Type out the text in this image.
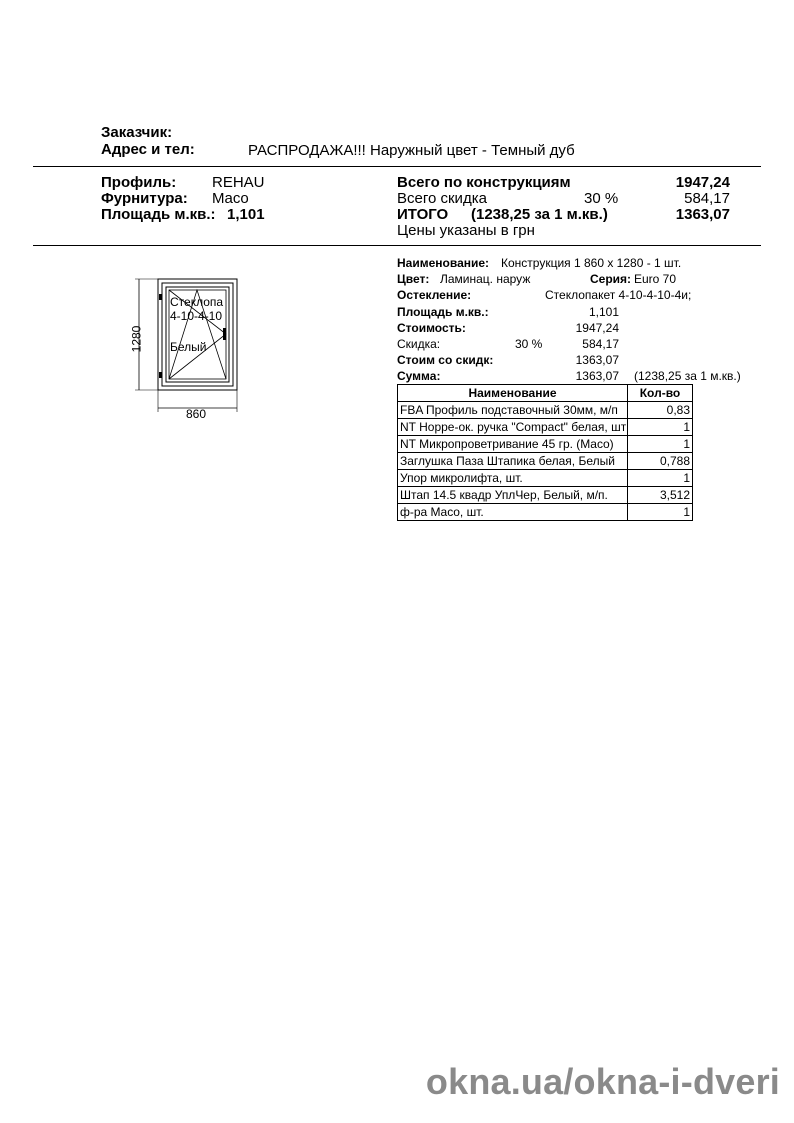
Заказчик:
Адрес и тел:	РАСПРОДАЖА!!! Наружный цвет - Темный дуб
Профиль: REHAU
Фурнитура: Maco
Площадь м.кв.: 1,101
Всего по конструкциям	1947,24
Всего скидка	30 %	584,17
ИТОГО (1238,25 за 1 м.кв.)	1363,07
Цены указаны в грн
Стеклопа
4-10-4-10
Белый
1280
860
Наименование: Конструкция 1 860 х 1280 - 1 шт.
Цвет: Ламинац. наруж	Серия: Euro 70
Остекление:	Стеклопакет 4-10-4-10-4и;
Площадь м.кв.:	1,101
Стоимость:	1947,24
Скидка:	30 %	584,17
Стоим со скидк:	1363,07
Сумма:	1363,07 (1238,25 за 1 м.кв.)
Наименование	Кол-во
FBA Профиль подставочный 30мм, м/п	0,83
NT Hoppe-ок. ручка "Compact" белая, шт	1
NT Микропроветривание 45 гр. (Maco)	1
Заглушка Паза Штапика белая, Белый	0,788
Упор микролифта, шт.	1
Штап 14.5 квадр УплЧер, Белый, м/п.	3,512
ф-ра Maco, шт.	1
okna.ua/okna-i-dveri
